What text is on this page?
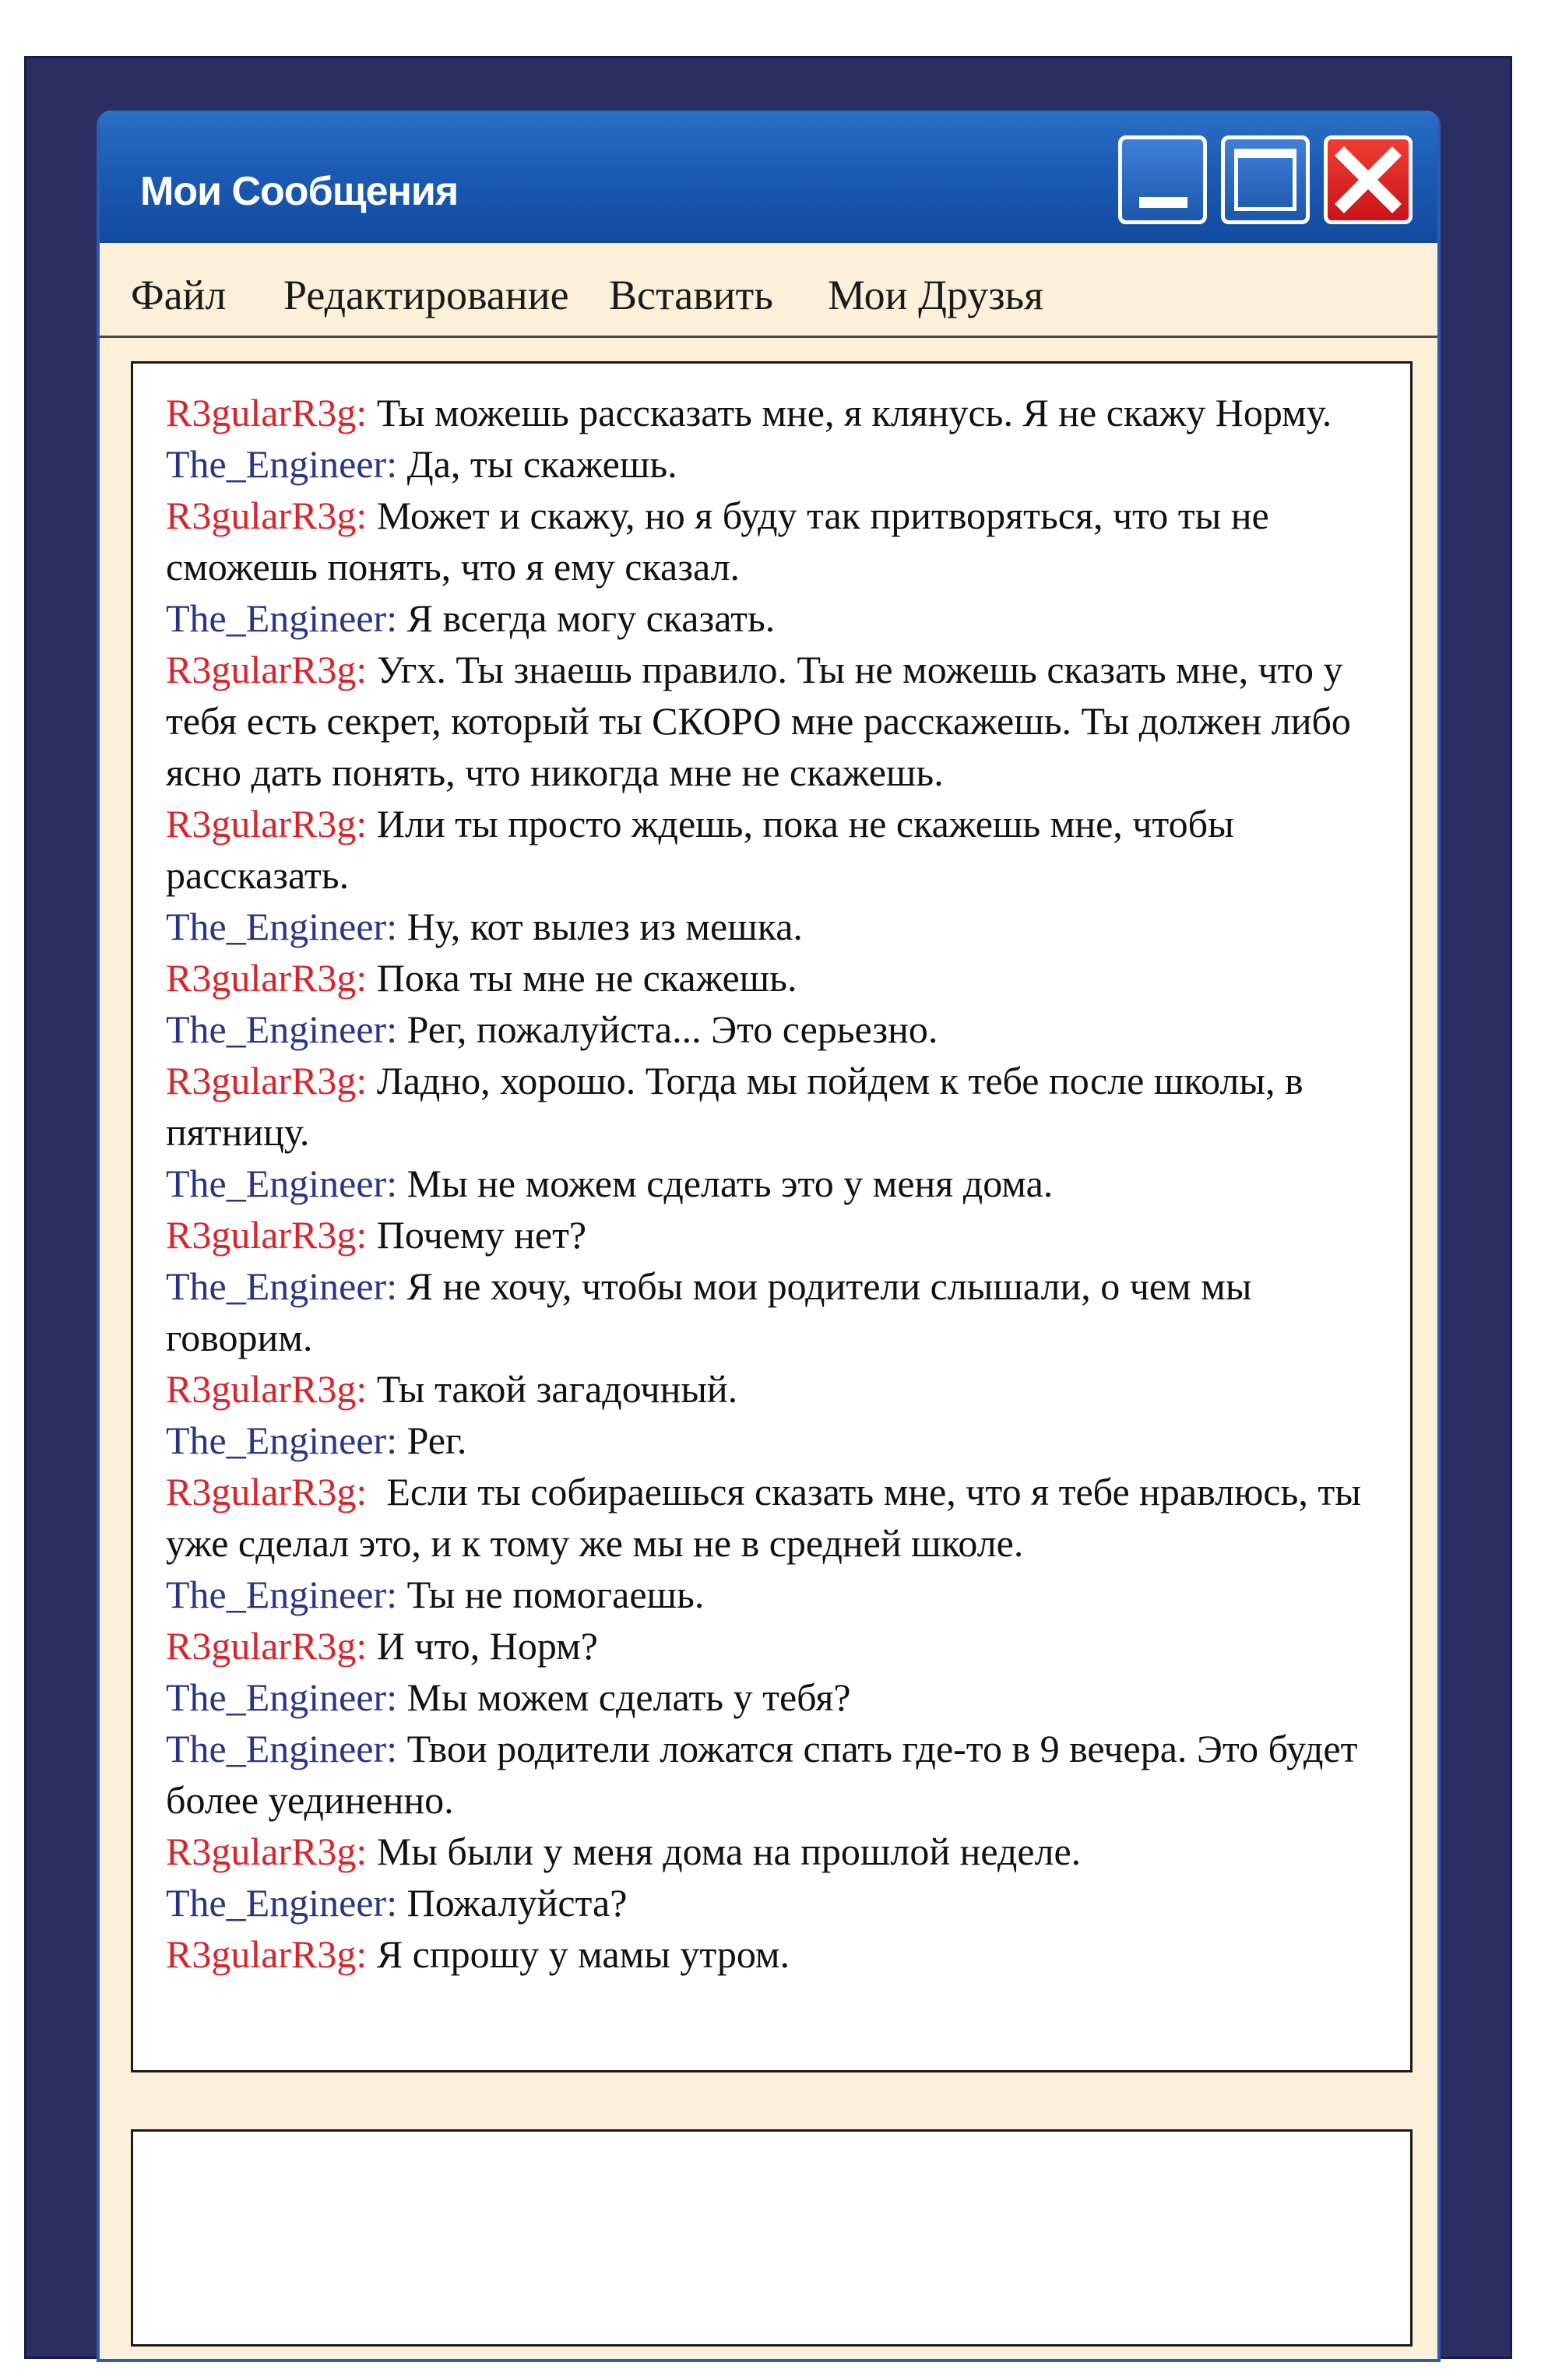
Мои Сообщения
Файл Редактирование Вставить Мои Друзья

R3gularR3g: Ты можешь рассказать мне, я клянусь. Я не скажу Норму.

The_Engineer: Да, ты скажешь.

R3gularR3g: Может и скажу, но я буду так притворяться, что ты не сможешь понять, что я ему сказал.

The_Engineer: Я всегда могу сказать.

R3gularR3g: Угх. Ты знаешь правило. Ты не можешь сказать мне, что у тебя есть секрет, который ты СКОРО мне расскажешь. Ты должен либо ясно дать понять, что никогда мне не скажешь.

R3gularR3g: Или ты просто ждешь, пока не скажешь мне, чтобы рассказать.

The_Engineer: Ну, кот вылез из мешка.

R3gularR3g: Пока ты мне не скажешь.

The_Engineer: Рег, пожалуйста... Это серьезно.

R3gularR3g: Ладно, хорошо. Тогда мы пойдем к тебе после школы, в пятницу.

The_Engineer: Мы не можем сделать это у меня дома.

R3gularR3g: Почему нет?

The_Engineer: Я не хочу, чтобы мои родители слышали, о чем мы говорим.

R3gularR3g: Ты такой загадочный.

The_Engineer: Рег.

R3gularR3g:  Если ты собираешься сказать мне, что я тебе нравлюсь, ты уже сделал это, и к тому же мы не в средней школе.

The_Engineer: Ты не помогаешь.

R3gularR3g: И что, Норм?

The_Engineer: Мы можем сделать у тебя?

The_Engineer: Твои родители ложатся спать где-то в 9 вечера. Это будет более уединенно.

R3gularR3g: Мы были у меня дома на прошлой неделе.

The_Engineer: Пожалуйста?

R3gularR3g: Я спрошу у мамы утром.
